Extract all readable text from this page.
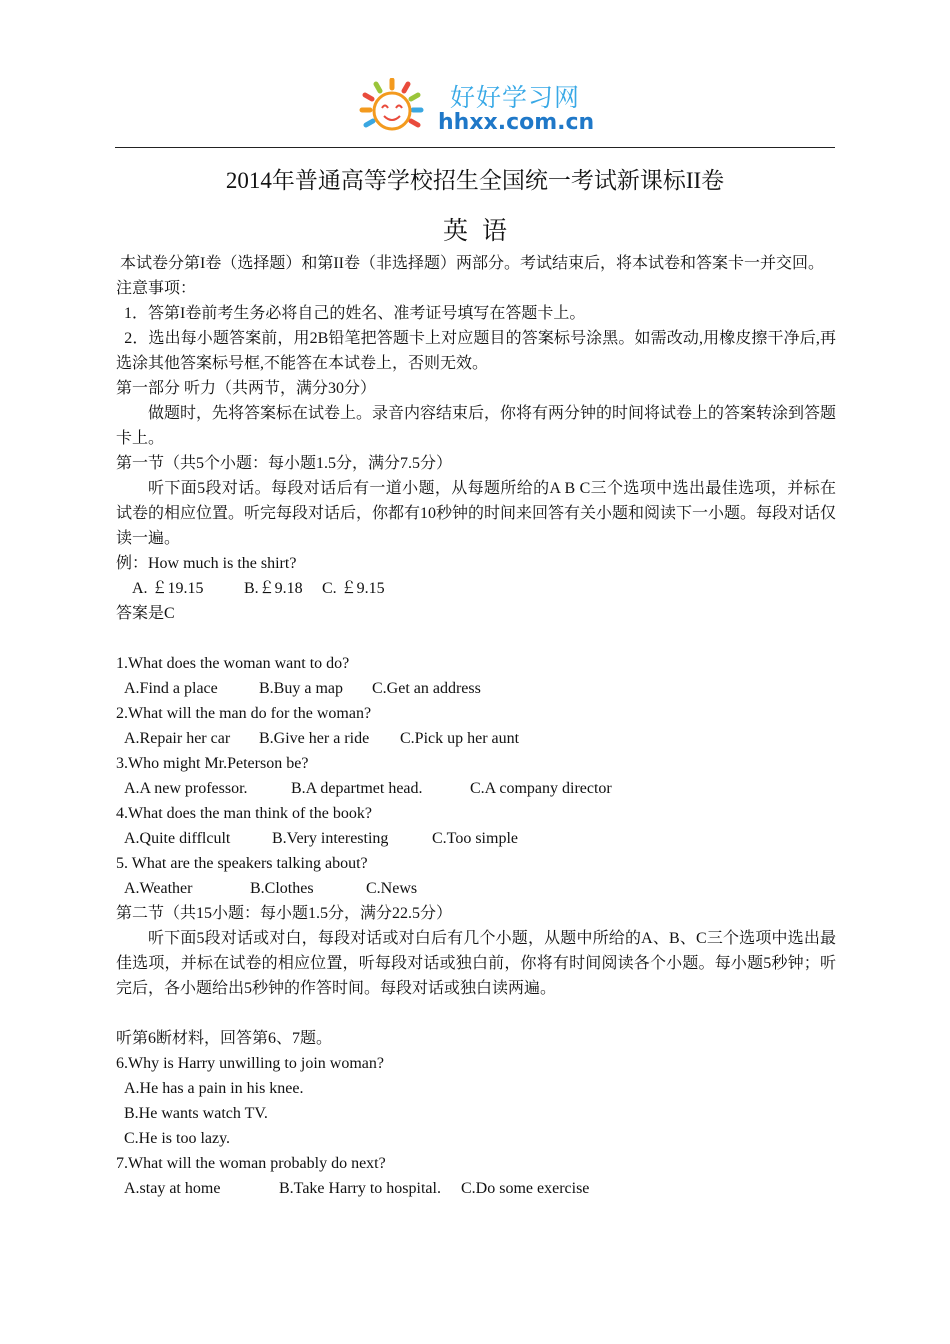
好好学习网
hhxx.com.cn
2014年普通高等学校招生全国统一考试新课标II卷
英语
本试卷分第I卷（选择题）和第II卷（非选择题）两部分。考试结束后，将本试卷和答案卡一并交回。
注意事项：
1．答第I卷前考生务必将自己的姓名、准考证号填写在答题卡上。
2．选出每小题答案前，用2B铅笔把答题卡上对应题目的答案标号涂黑。如需改动,用橡皮擦干净后,再选涂其他答案标号框,不能答在本试卷上，否则无效。
第一部分 听力（共两节，满分30分）
做题时，先将答案标在试卷上。录音内容结束后，你将有两分钟的时间将试卷上的答案转涂到答题卡上。
第一节（共5个小题：每小题1.5分，满分7.5分）
听下面5段对话。每段对话后有一道小题，从每题所给的A B C三个选项中选出最佳选项，并标在试卷的相应位置。听完每段对话后，你都有10秒钟的时间来回答有关小题和阅读下一小题。每段对话仅读一遍。
例：How much is the shirt?
A. ￡19.15	B.￡9.18 C. ￡9.15
答案是C
1.What does the woman want to do?
A.Find a place	B.Buy a map C.Get an address
2.What will the man do for the woman?
A.Repair her car B.Give her a ride C.Pick up her aunt
3.Who might Mr.Peterson be?
A.A new professor.	B.A departmet head.	C.A company director
4.What does the man think of the book?
A.Quite difflcult	B.Very interesting	C.Too simple
5. What are the speakers talking about?
A.Weather	B.Clothes	C.News
第二节（共15小题：每小题1.5分，满分22.5分）
听下面5段对话或对白，每段对话或对白后有几个小题，从题中所给的A、B、C三个选项中选出最佳选项，并标在试卷的相应位置，听每段对话或独白前，你将有时间阅读各个小题。每小题5秒钟；听完后，各小题给出5秒钟的作答时间。每段对话或独白读两遍。
听第6断材料，回答第6、7题。
6.Why is Harry unwilling to join woman?
A.He has a pain in his knee.
B.He wants watch TV.
C.He is too lazy.
7.What will the woman probably do next?
A.stay at home	B.Take Harry to hospital. C.Do some exercise
